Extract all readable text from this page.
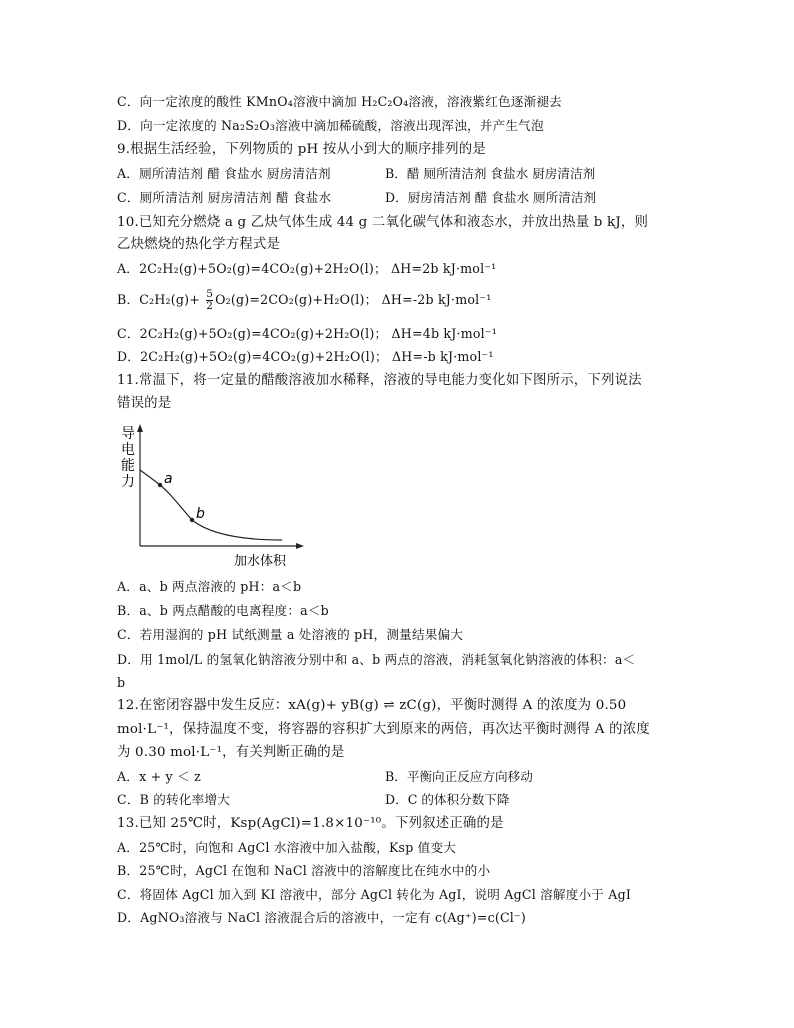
C．向一定浓度的酸性 KMnO₄溶液中滴加 H₂C₂O₄溶液，溶液紫红色逐渐褪去
D．向一定浓度的 Na₂S₂O₃溶液中滴加稀硫酸，溶液出现浑浊，并产生气泡
9.根据生活经验，下列物质的 pH 按从小到大的顺序排列的是
A．厕所清洁剂 醋 食盐水 厨房清洁剂	B．醋 厕所清洁剂 食盐水 厨房清洁剂
C．厕所清洁剂 厨房清洁剂 醋 食盐水	D．厨房清洁剂 醋 食盐水 厕所清洁剂
10.已知充分燃烧 a g 乙炔气体生成 44 g 二氧化碳气体和液态水，并放出热量 b kJ，则
乙炔燃烧的热化学方程式是
A．2C₂H₂(g)+5O₂(g)=4CO₂(g)+2H₂O(l)； ΔH=2b kJ·mol⁻¹
B．$C_2H_2(g)+ \frac{5}{2} O_2(g)=2CO_2(g)+H_2O(l)$； ΔH=-2b kJ·mol⁻¹
C．2C₂H₂(g)+5O₂(g)=4CO₂(g)+2H₂O(l)； ΔH=4b kJ·mol⁻¹
D．2C₂H₂(g)+5O₂(g)=4CO₂(g)+2H₂O(l)； ΔH=-b kJ·mol⁻¹
11.常温下，将一定量的醋酸溶液加水稀释，溶液的导电能力变化如下图所示，下列说法
错误的是
导
电
能
力 a
b
加水体积
A．a、b 两点溶液的 pH：a＜b
B．a、b 两点醋酸的电离程度：a＜b
C．若用湿润的 pH 试纸测量 a 处溶液的 pH，测量结果偏大
D．用 1mol/L 的氢氧化钠溶液分别中和 a、b 两点的溶液，消耗氢氧化钠溶液的体积：a＜
b
12.在密闭容器中发生反应：xA(g)+ yB(g) ⇌ zC(g)，平衡时测得 A 的浓度为 0.50
mol·L⁻¹，保持温度不变，将容器的容积扩大到原来的两倍，再次达平衡时测得 A 的浓度
为 0.30 mol·L⁻¹，有关判断正确的是
A．x + y ＜ z	B．平衡向正反应方向移动
C．B 的转化率增大	D．C 的体积分数下降
13.已知 25℃时，Ksp(AgCl)=1.8×10⁻¹⁰。下列叙述正确的是
A．25℃时，向饱和 AgCl 水溶液中加入盐酸，Ksp 值变大
B．25℃时，AgCl 在饱和 NaCl 溶液中的溶解度比在纯水中的小
C．将固体 AgCl 加入到 KI 溶液中，部分 AgCl 转化为 AgI，说明 AgCl 溶解度小于 AgI
D．AgNO₃溶液与 NaCl 溶液混合后的溶液中，一定有 c(Ag⁺)=c(Cl⁻)
